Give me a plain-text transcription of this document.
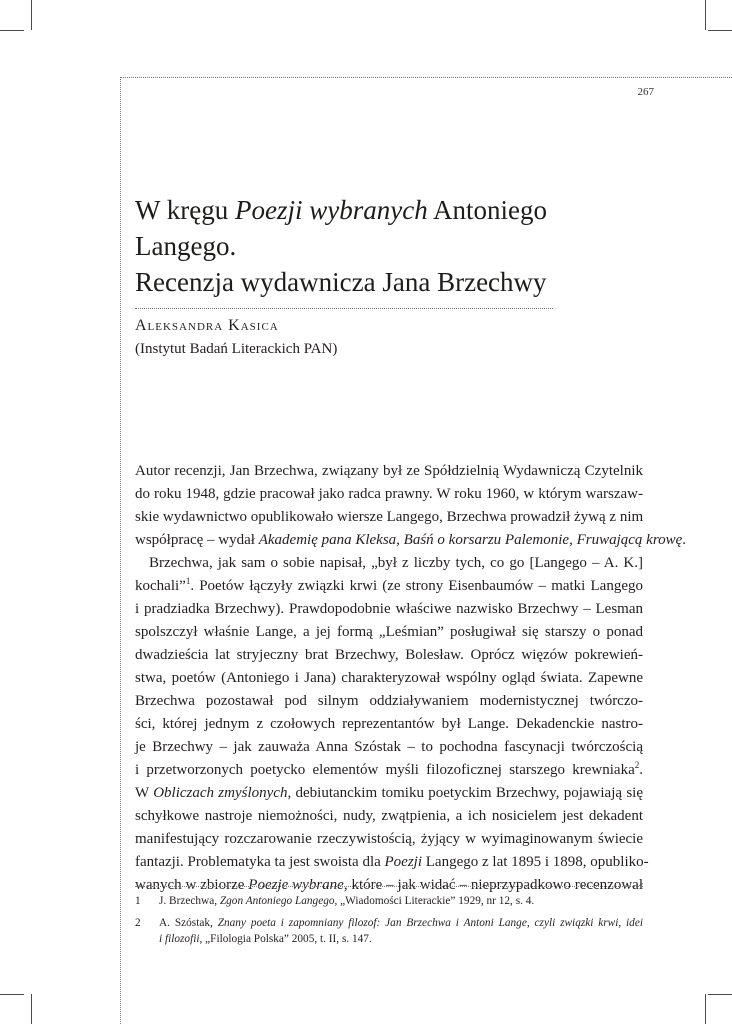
267
W kręgu Poezji wybranych Antoniego
Langego.
Recenzja wydawnicza Jana Brzechwy
Aleksandra Kasica
(Instytut Badań Literackich PAN)
Autor recenzji, Jan Brzechwa, związany był ze Spółdzielnią Wydawniczą Czytelnik
do roku 1948, gdzie pracował jako radca prawny. W roku 1960, w którym warszaw-
skie wydawnictwo opublikowało wiersze Langego, Brzechwa prowadził żywą z nim
współpracę – wydał Akademię pana Kleksa, Baśń o korsarzu Palemonie, Fruwającą krowę.
Brzechwa, jak sam o sobie napisał, „był z liczby tych, co go [Langego – A. K.]
kochali”$^1$. Poetów łączyły związki krwi (ze strony Eisenbaumów – matki Langego
i pradziadka Brzechwy). Prawdopodobnie właściwe nazwisko Brzechwy – Lesman
spolszczył właśnie Lange, a jej formą „Leśmian” posługiwał się starszy o ponad
dwadzieścia lat stryjeczny brat Brzechwy, Bolesław. Oprócz więzów pokrewień-
stwa, poetów (Antoniego i Jana) charakteryzował wspólny ogląd świata. Zapewne
Brzechwa pozostawał pod silnym oddziaływaniem modernistycznej twórczo-
ści, której jednym z czołowych reprezentantów był Lange. Dekadenckie nastro-
je Brzechwy – jak zauważa Anna Szóstak – to pochodna fascynacji twórczością
i przetworzonych poetycko elementów myśli filozoficznej starszego krewniaka$^2$.
W Obliczach zmyślonych, debiutanckim tomiku poetyckim Brzechwy, pojawiają się
schyłkowe nastroje niemożności, nudy, zwątpienia, a ich nosicielem jest dekadent
manifestujący rozczarowanie rzeczywistością, żyjący w wyimaginowanym świecie
fantazji. Problematyka ta jest swoista dla Poezji Langego z lat 1895 i 1898, opubliko-
wanych w zbiorze Poezje wybrane, które – jak widać – nieprzypadkowo recenzował
1	J. Brzechwa, Zgon Antoniego Langego, „Wiadomości Literackie” 1929, nr 12, s. 4.
2	A. Szóstak, Znany poeta i zapomniany filozof: Jan Brzechwa i Antoni Lange, czyli związki krwi, idei
i filozofii, „Filologia Polska” 2005, t. II, s. 147.
